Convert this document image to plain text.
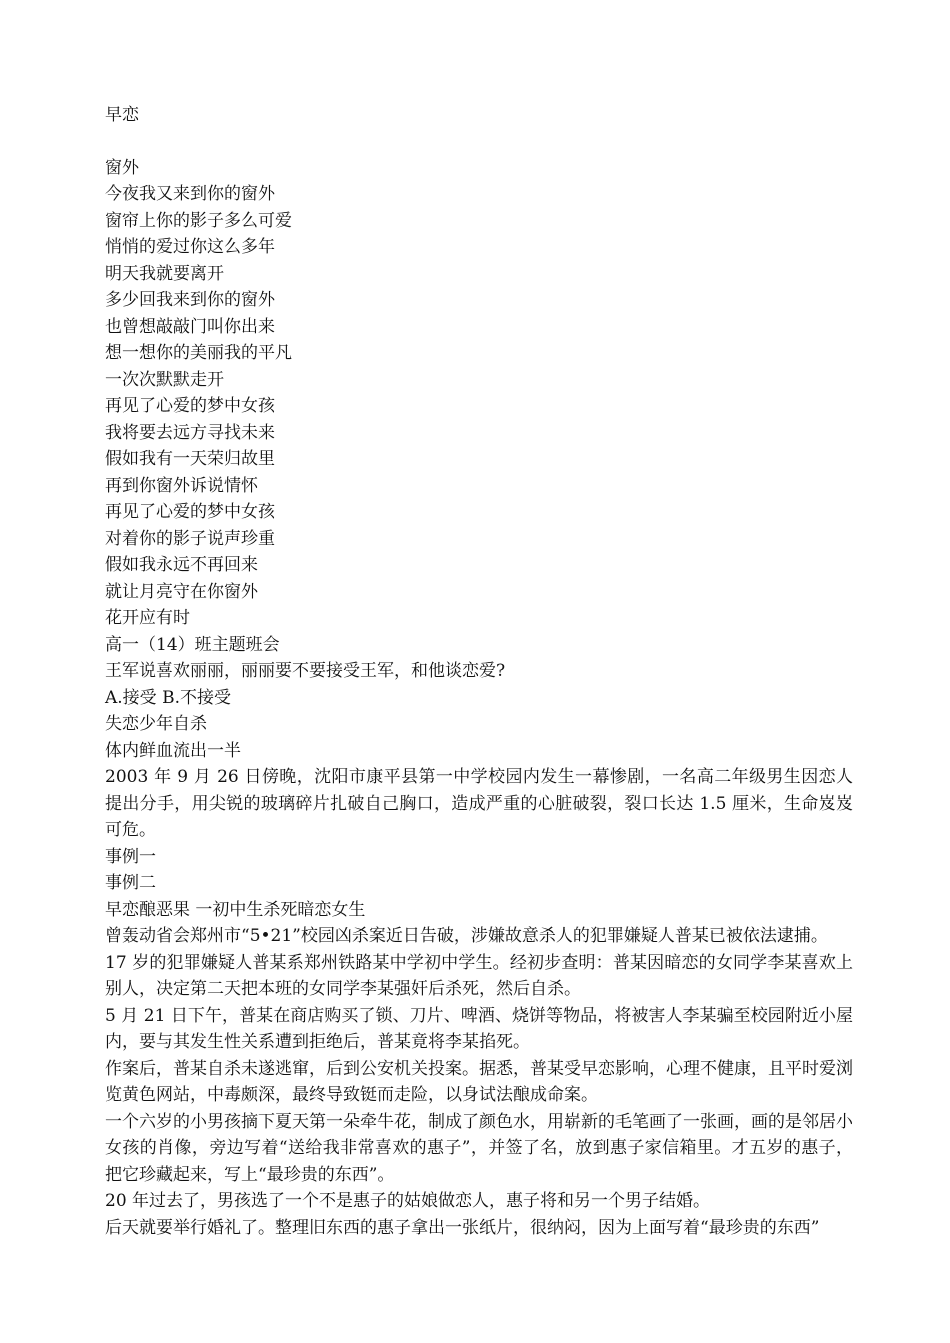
早恋
窗外
今夜我又来到你的窗外
窗帘上你的影子多么可爱
悄悄的爱过你这么多年
明天我就要离开
多少回我来到你的窗外
也曾想敲敲门叫你出来
想一想你的美丽我的平凡
一次次默默走开
再见了心爱的梦中女孩
我将要去远方寻找未来
假如我有一天荣归故里
再到你窗外诉说情怀
再见了心爱的梦中女孩
对着你的影子说声珍重
假如我永远不再回来
就让月亮守在你窗外
花开应有时
高一（14）班主题班会
王军说喜欢丽丽，丽丽要不要接受王军，和他谈恋爱?
A.接受 B.不接受
失恋少年自杀
体内鲜血流出一半
2003 年 9 月 26 日傍晚，沈阳市康平县第一中学校园内发生一幕惨剧，一名高二年级男生因恋人提出分手，用尖锐的玻璃碎片扎破自己胸口，造成严重的心脏破裂，裂口长达 1.5 厘米，生命岌岌可危。
事例一
事例二
早恋酿恶果 一初中生杀死暗恋女生
曾轰动省会郑州市“5•21”校园凶杀案近日告破，涉嫌故意杀人的犯罪嫌疑人普某已被依法逮捕。
17 岁的犯罪嫌疑人普某系郑州铁路某中学初中学生。经初步查明：普某因暗恋的女同学李某喜欢上别人，决定第二天把本班的女同学李某强奸后杀死，然后自杀。
5 月 21 日下午，普某在商店购买了锁、刀片、啤酒、烧饼等物品，将被害人李某骗至校园附近小屋内，要与其发生性关系遭到拒绝后，普某竟将李某掐死。
作案后，普某自杀未遂逃窜，后到公安机关投案。据悉，普某受早恋影响，心理不健康，且平时爱浏览黄色网站，中毒颇深，最终导致铤而走险，以身试法酿成命案。
一个六岁的小男孩摘下夏天第一朵牵牛花，制成了颜色水，用崭新的毛笔画了一张画，画的是邻居小女孩的肖像，旁边写着“送给我非常喜欢的惠子”，并签了名，放到惠子家信箱里。才五岁的惠子，把它珍藏起来，写上“最珍贵的东西”。
20 年过去了，男孩选了一个不是惠子的姑娘做恋人，惠子将和另一个男子结婚。
后天就要举行婚礼了。整理旧东西的惠子拿出一张纸片，很纳闷，因为上面写着“最珍贵的东西”
